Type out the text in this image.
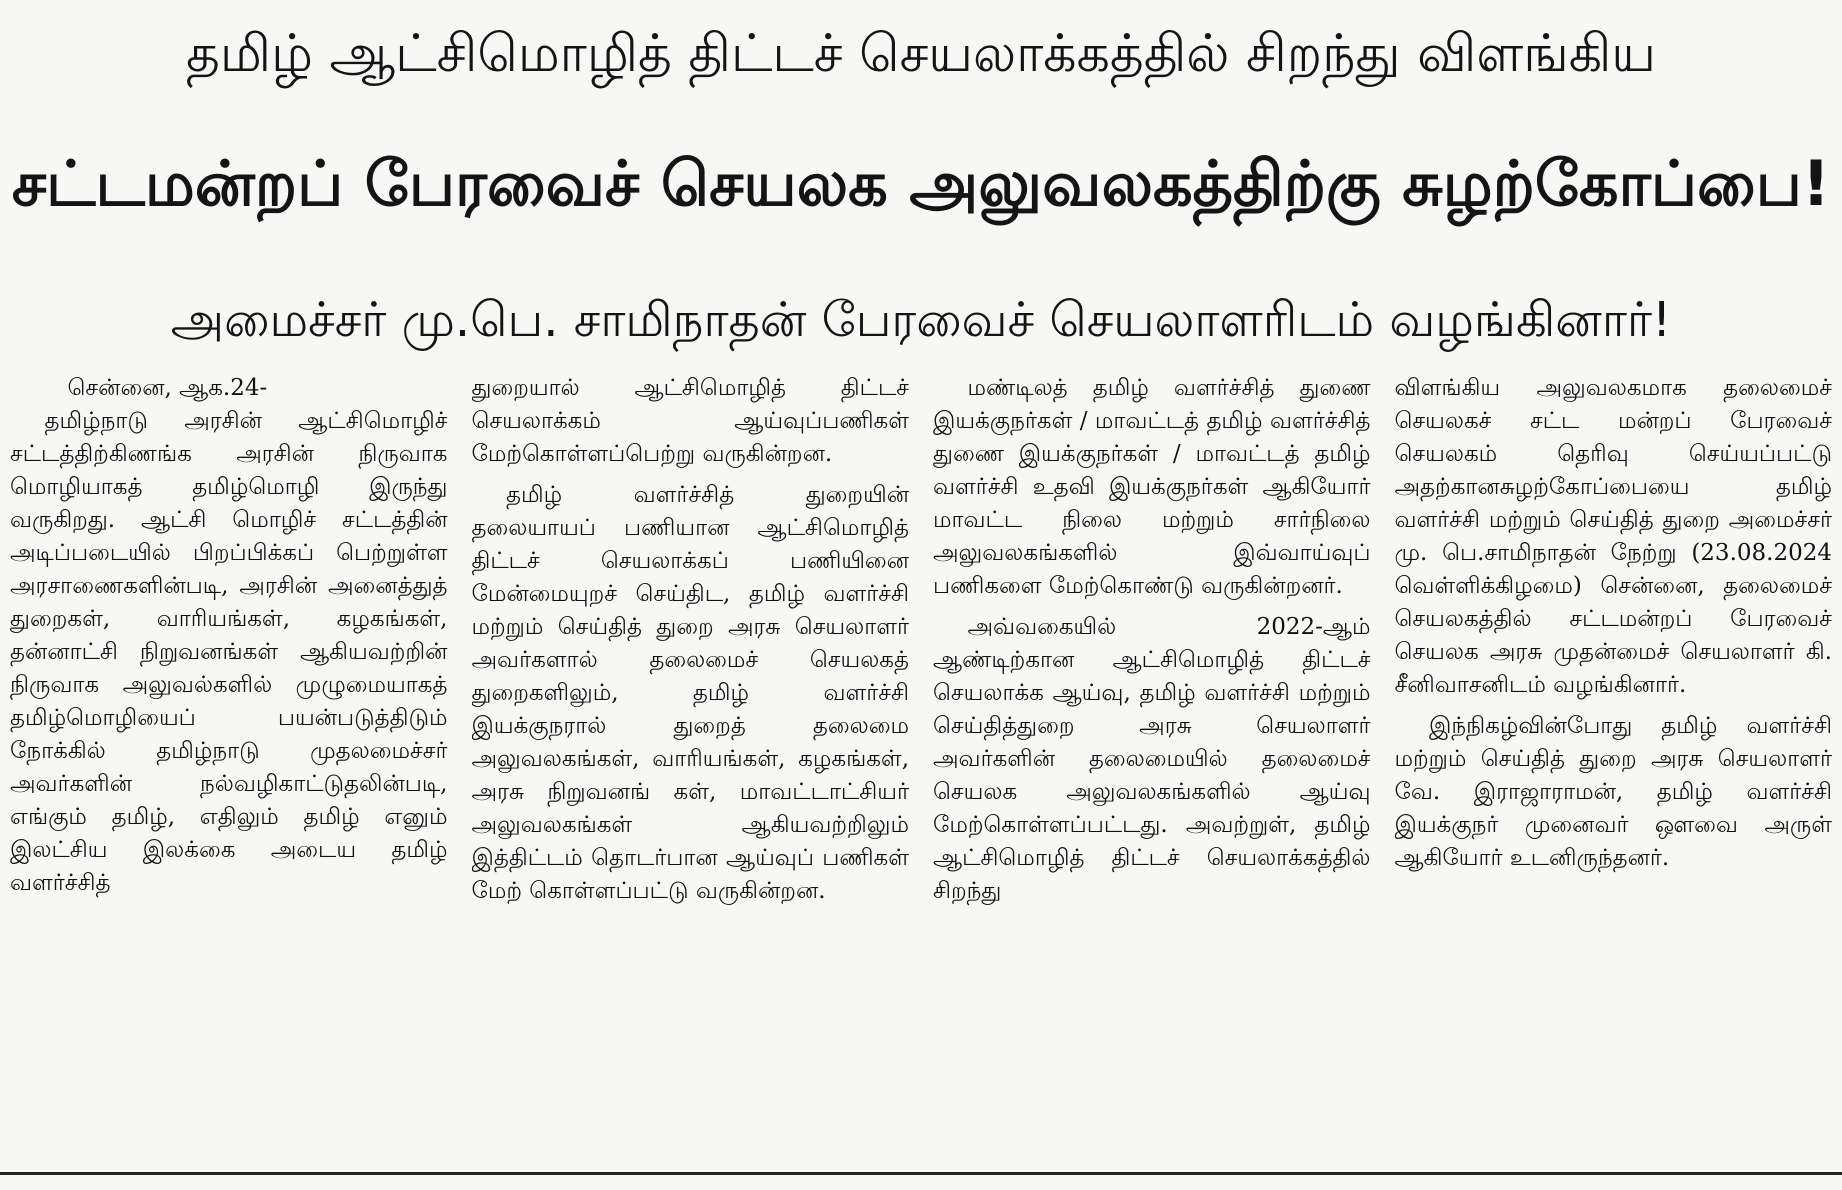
தமிழ் ஆட்சிமொழித் திட்டச் செயலாக்கத்தில் சிறந்து விளங்கிய
சட்டமன்றப் பேரவைச் செயலக அலுவலகத்திற்கு சுழற்கோப்பை!
அமைச்சர் மு.பெ. சாமிநாதன் பேரவைச் செயலாளரிடம் வழங்கினார்!
சென்னை, ஆக.24-

தமிழ்நாடு அரசின் ஆட்சிமொழிச் சட்டத்திற்கிணங்க அரசின் நிருவாக மொழியாகத் தமிழ்மொழி இருந்து வருகிறது. ஆட்சி மொழிச் சட்டத்தின் அடிப்படையில் பிறப்பிக்கப் பெற்றுள்ள அரசாணைகளின்படி, அரசின் அனைத்துத் துறைகள், வாரியங்கள், கழகங்கள், தன்னாட்சி நிறுவனங்கள் ஆகியவற்றின் நிருவாக அலுவல்களில் முழுமையாகத் தமிழ்மொழியைப் பயன்படுத்திடும் நோக்கில் தமிழ்நாடு முதலமைச்சர் அவர்களின் நல்வழிகாட்டுதலின்படி, எங்கும் தமிழ், எதிலும் தமிழ் எனும் இலட்சிய இலக்கை அடைய தமிழ் வளர்ச்சித்

துறையால் ஆட்சிமொழித் திட்டச் செயலாக்கம் ஆய்வுப்பணிகள் மேற்கொள்ளப்பெற்று வருகின்றன.

தமிழ் வளர்ச்சித் துறையின் தலையாயப் பணியான ஆட்சிமொழித் திட்டச் செயலாக்கப் பணியினை மேன்மையுறச் செய்திட, தமிழ் வளர்ச்சி மற்றும் செய்தித் துறை அரசு செயலாளர் அவர்களால் தலைமைச் செயலகத் துறைகளிலும், தமிழ் வளர்ச்சி இயக்குநரால் துறைத் தலைமை அலுவலகங்கள், வாரியங்கள், கழகங்கள், அரசு நிறுவனங் கள், மாவட்டாட்சியர் அலுவலகங்கள் ஆகியவற்றிலும் இத்திட்டம் தொடர்பான ஆய்வுப் பணிகள் மேற் கொள்ளப்பட்டு வருகின்றன.

மண்டிலத் தமிழ் வளர்ச்சித் துணை இயக்குநர்கள் / மாவட்டத் தமிழ் வளர்ச்சித் துணை இயக்குநர்கள் / மாவட்டத் தமிழ் வளர்ச்சி உதவி இயக்குநர்கள் ஆகியோர் மாவட்ட நிலை மற்றும் சார்நிலை அலுவலகங்களில் இவ்வாய்வுப் பணிகளை மேற்கொண்டு வருகின்றனர்.

அவ்வகையில் 2022-ஆம் ஆண்டிற்கான ஆட்சிமொழித் திட்டச் செயலாக்க ஆய்வு, தமிழ் வளர்ச்சி மற்றும் செய்தித்துறை அரசு செயலாளர் அவர்களின் தலைமையில் தலைமைச் செயலக அலுவலகங்களில் ஆய்வு மேற்கொள்ளப்பட்டது. அவற்றுள், தமிழ் ஆட்சிமொழித் திட்டச் செயலாக்கத்தில் சிறந்து

விளங்கிய அலுவலகமாக தலைமைச் செயலகச் சட்ட மன்றப் பேரவைச் செயலகம் தெரிவு செய்யப்பட்டு அதற்கானசுழற்கோப்பையை தமிழ் வளர்ச்சி மற்றும் செய்தித் துறை அமைச்சர் மு. பெ.சாமிநாதன் நேற்று (23.08.2024 வெள்ளிக்கிழமை) சென்னை, தலைமைச் செயலகத்தில் சட்டமன்றப் பேரவைச் செயலக அரசு முதன்மைச் செயலாளர் கி. சீனிவாசனிடம் வழங்கினார்.

இந்நிகழ்வின்போது தமிழ் வளர்ச்சி மற்றும் செய்தித் துறை அரசு செயலாளர் வே. இராஜாராமன், தமிழ் வளர்ச்சி இயக்குநர் முனைவர் ஔவை அருள் ஆகியோர் உடனிருந்தனர்.
